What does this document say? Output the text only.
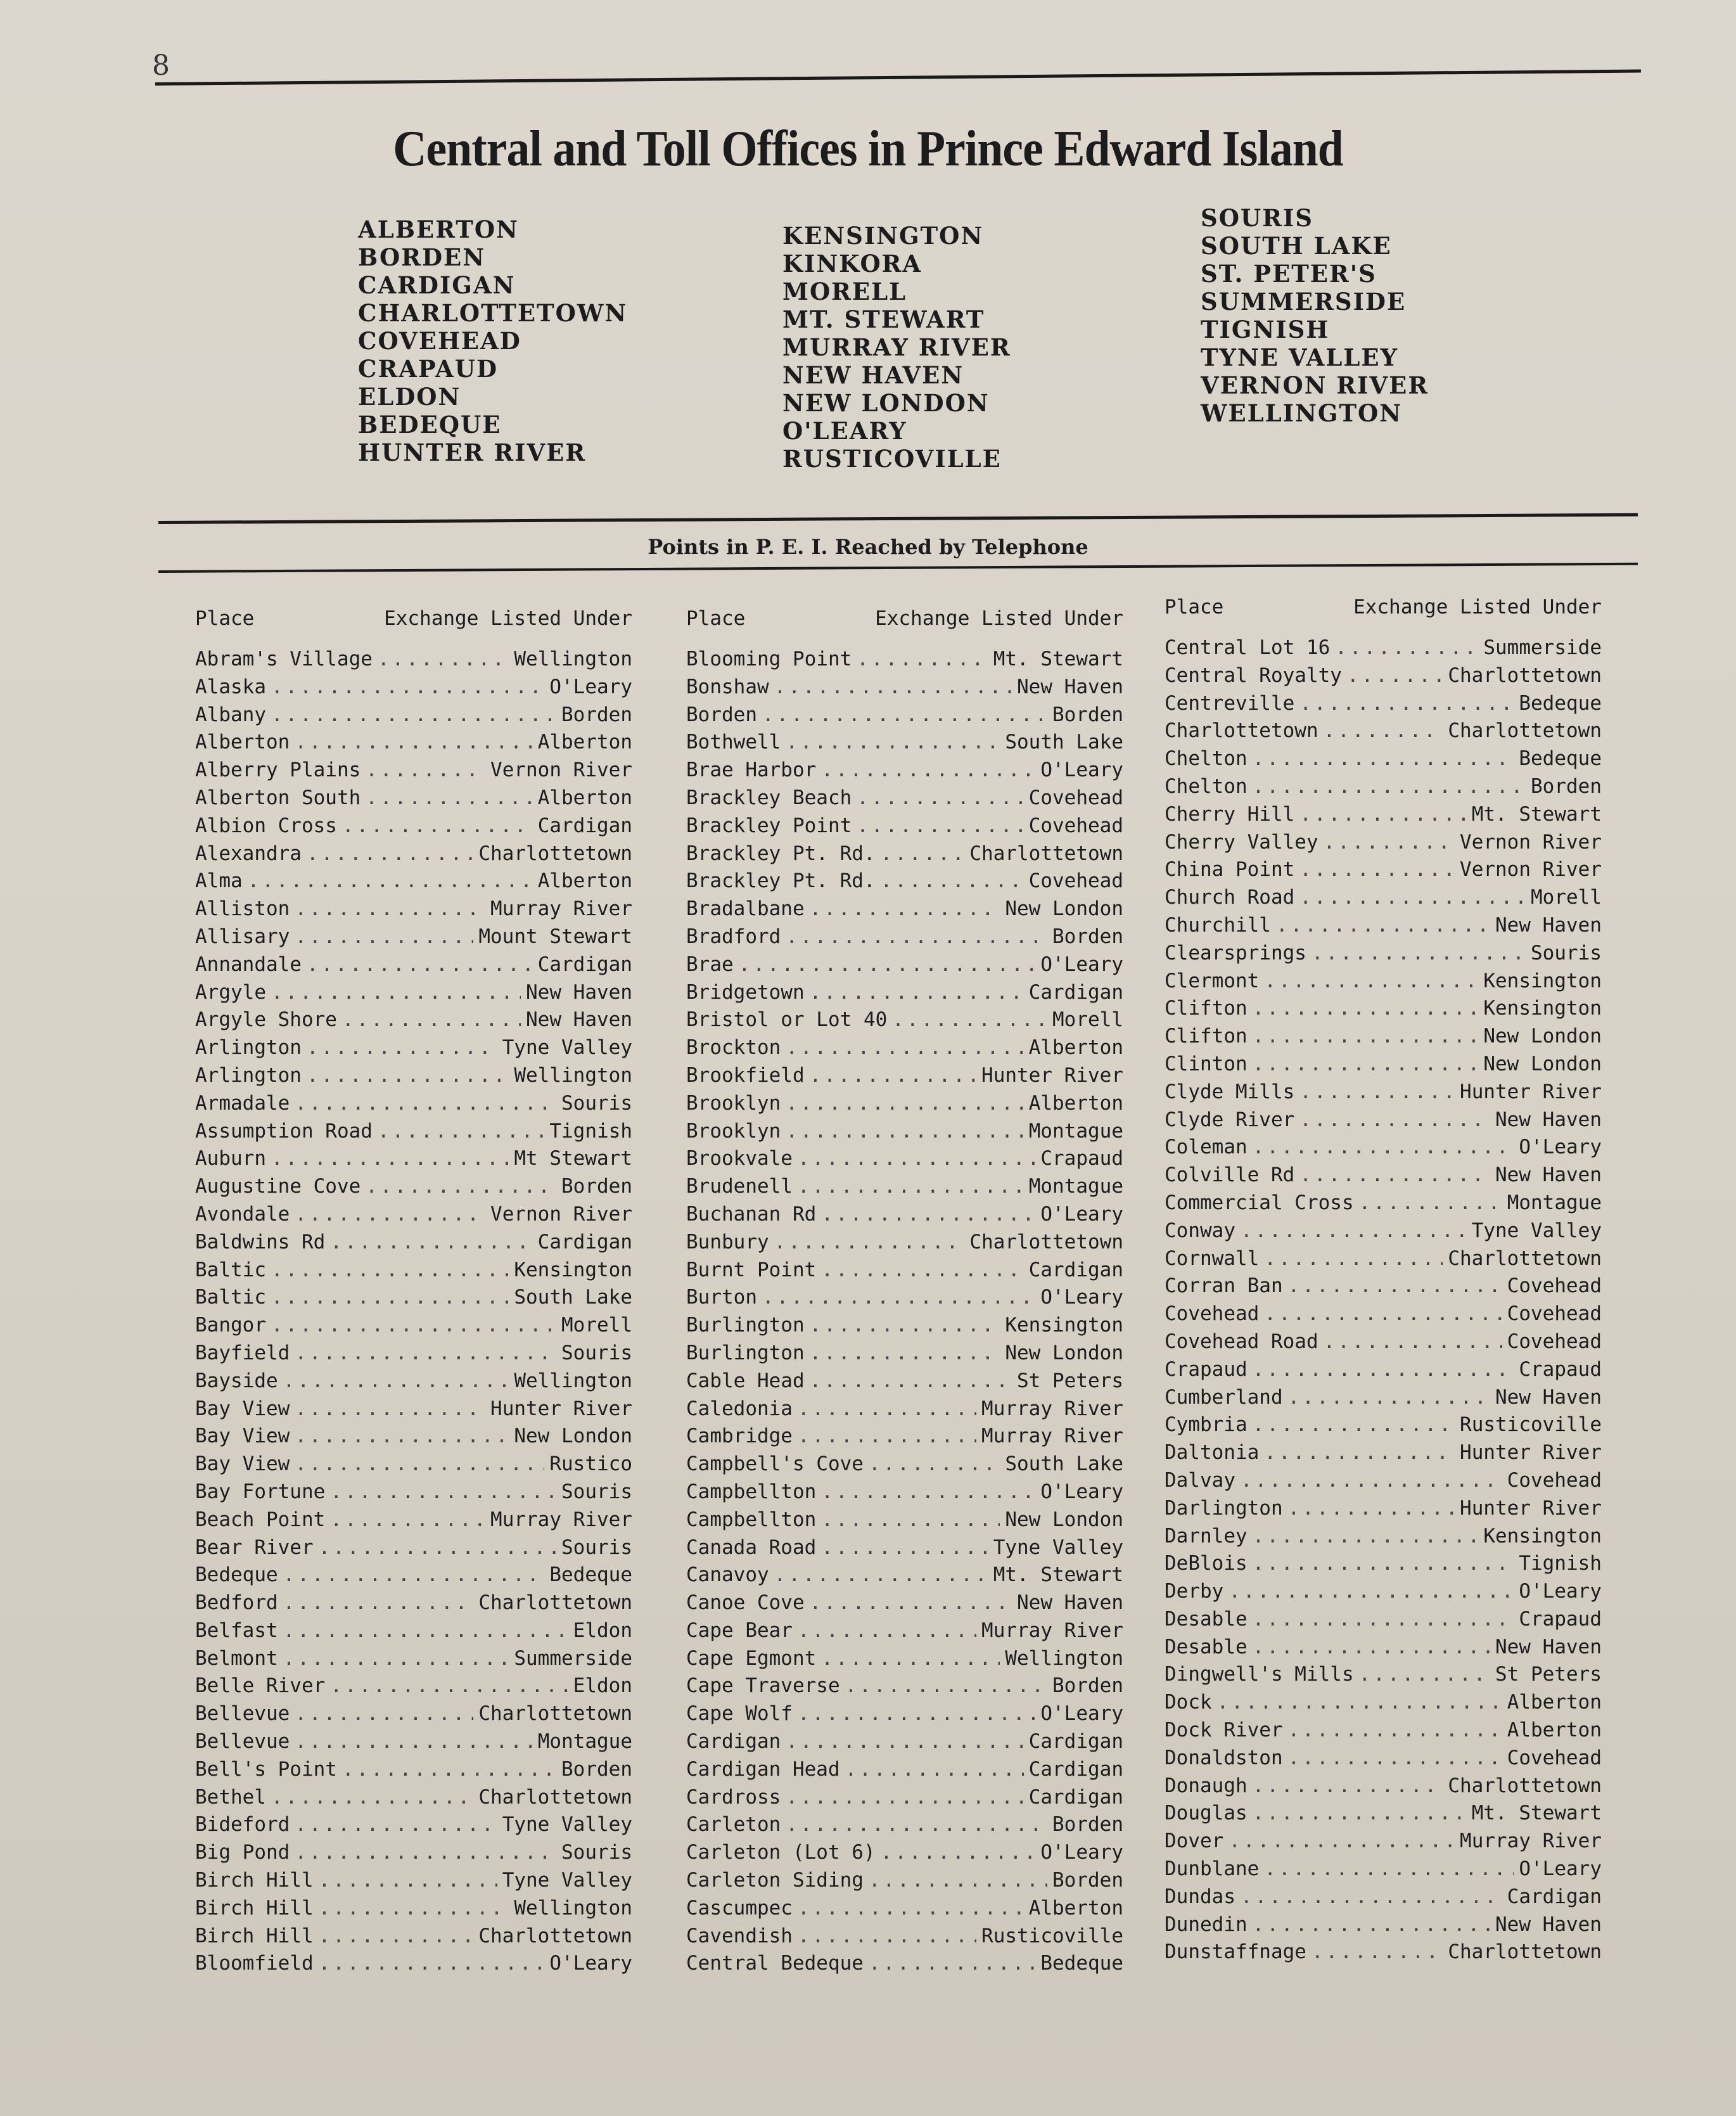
8
Central and Toll Offices in Prince Edward Island
ALBERTON
BORDEN
CARDIGAN
CHARLOTTETOWN
COVEHEAD
CRAPAUD
ELDON
BEDEQUE
HUNTER RIVER
KENSINGTON
KINKORA
MORELL
MT. STEWART
MURRAY RIVER
NEW HAVEN
NEW LONDON
O'LEARY
RUSTICOVILLE
SOURIS
SOUTH LAKE
ST. PETER'S
SUMMERSIDE
TIGNISH
TYNE VALLEY
VERNON RIVER
WELLINGTON
Points in P. E. I. Reached by Telephone
Place	Exchange Listed Under
Abram's Village .....	Wellington
Alaska .....	O'Leary
Albany .....	Borden
Alberton .....	Alberton
Alberry Plains .....	Vernon River
Alberton South .....	Alberton
Albion Cross .....	Cardigan
Alexandra .....	Charlottetown
Alma .....	Alberton
Alliston .....	Murray River
Allisary .....	Mount Stewart
Annandale .....	Cardigan
Argyle .....	New Haven
Argyle Shore .....	New Haven
Arlington .....	Tyne Valley
Arlington .....	Wellington
Armadale .....	Souris
Assumption Road .....	Tignish
Auburn .....	Mt Stewart
Augustine Cove .....	Borden
Avondale .....	Vernon River
Baldwins Rd .....	Cardigan
Baltic .....	Kensington
Baltic .....	South Lake
Bangor .....	Morell
Bayfield .....	Souris
Bayside .....	Wellington
Bay View .....	Hunter River
Bay View .....	New London
Bay View .....	Rustico
Bay Fortune .....	Souris
Beach Point .....	Murray River
Bear River .....	Souris
Bedeque .....	Bedeque
Bedford .....	Charlottetown
Belfast .....	Eldon
Belmont .....	Summerside
Belle River .....	Eldon
Bellevue .....	Charlottetown
Bellevue .....	Montague
Bell's Point .....	Borden
Bethel .....	Charlottetown
Bideford .....	Tyne Valley
Big Pond .....	Souris
Birch Hill .....	Tyne Valley
Birch Hill .....	Wellington
Birch Hill .....	Charlottetown
Bloomfield .....	O'Leary
Place	Exchange Listed Under
Blooming Point .....	Mt. Stewart
Bonshaw .....	New Haven
Borden .....	Borden
Bothwell .....	South Lake
Brae Harbor .....	O'Leary
Brackley Beach .....	Covehead
Brackley Point .....	Covehead
Brackley Pt. Rd. .....	Charlottetown
Brackley Pt. Rd. .....	Covehead
Bradalbane .....	New London
Bradford .....	Borden
Brae .....	O'Leary
Bridgetown .....	Cardigan
Bristol or Lot 40 .....	Morell
Brockton .....	Alberton
Brookfield .....	Hunter River
Brooklyn .....	Alberton
Brooklyn .....	Montague
Brookvale .....	Crapaud
Brudenell .....	Montague
Buchanan Rd .....	O'Leary
Bunbury .....	Charlottetown
Burnt Point .....	Cardigan
Burton .....	O'Leary
Burlington .....	Kensington
Burlington .....	New London
Cable Head .....	St Peters
Caledonia .....	Murray River
Cambridge .....	Murray River
Campbell's Cove .....	South Lake
Campbellton .....	O'Leary
Campbellton .....	New London
Canada Road .....	Tyne Valley
Canavoy .....	Mt. Stewart
Canoe Cove .....	New Haven
Cape Bear .....	Murray River
Cape Egmont .....	Wellington
Cape Traverse .....	Borden
Cape Wolf .....	O'Leary
Cardigan .....	Cardigan
Cardigan Head .....	Cardigan
Cardross .....	Cardigan
Carleton .....	Borden
Carleton (Lot 6) .....	O'Leary
Carleton Siding .....	Borden
Cascumpec .....	Alberton
Cavendish .....	Rusticoville
Central Bedeque .....	Bedeque
Place	Exchange Listed Under
Central Lot 16 .....	Summerside
Central Royalty .....	Charlottetown
Centreville .....	Bedeque
Charlottetown .....	Charlottetown
Chelton .....	Bedeque
Chelton .....	Borden
Cherry Hill .....	Mt. Stewart
Cherry Valley .....	Vernon River
China Point .....	Vernon River
Church Road .....	Morell
Churchill .....	New Haven
Clearsprings .....	Souris
Clermont .....	Kensington
Clifton .....	Kensington
Clifton .....	New London
Clinton .....	New London
Clyde Mills .....	Hunter River
Clyde River .....	New Haven
Coleman .....	O'Leary
Colville Rd .....	New Haven
Commercial Cross .....	Montague
Conway .....	Tyne Valley
Cornwall .....	Charlottetown
Corran Ban .....	Covehead
Covehead .....	Covehead
Covehead Road .....	Covehead
Crapaud .....	Crapaud
Cumberland .....	New Haven
Cymbria .....	Rusticoville
Daltonia .....	Hunter River
Dalvay .....	Covehead
Darlington .....	Hunter River
Darnley .....	Kensington
DeBlois .....	Tignish
Derby .....	O'Leary
Desable .....	Crapaud
Desable .....	New Haven
Dingwell's Mills .....	St Peters
Dock .....	Alberton
Dock River .....	Alberton
Donaldston .....	Covehead
Donaugh .....	Charlottetown
Douglas .....	Mt. Stewart
Dover .....	Murray River
Dunblane .....	O'Leary
Dundas .....	Cardigan
Dunedin .....	New Haven
Dunstaffnage .....	Charlottetown
